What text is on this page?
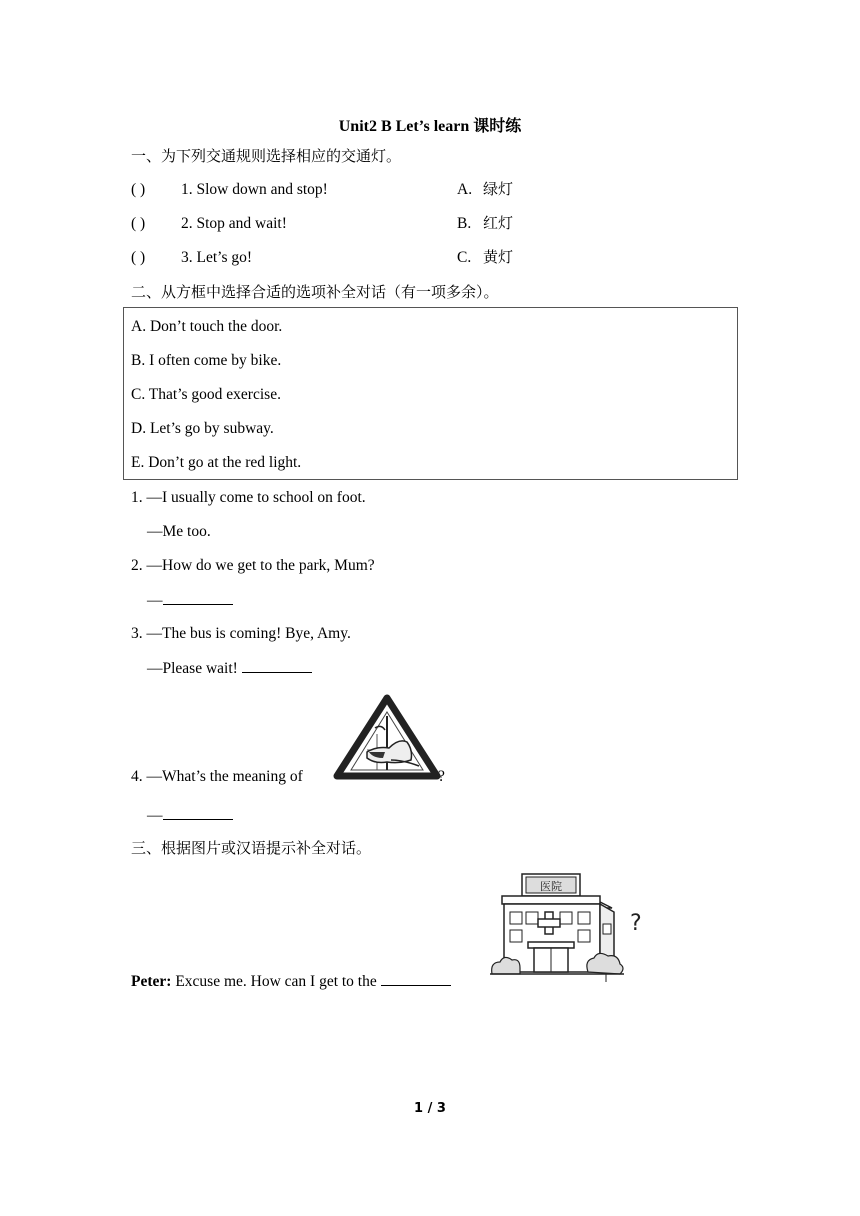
Unit2 B Let’s learn 课时练
一、为下列交通规则选择相应的交通灯。
( ) 1. Slow down and stop!	A. 绿灯
( ) 2. Stop and wait!	B. 红灯
( ) 3. Let’s go!	C. 黄灯
二、从方框中选择合适的选项补全对话（有一项多余）。
A. Don’t touch the door.
B. I often come by bike.
C. That’s good exercise.
D. Let’s go by subway.
E. Don’t go at the red light.
1. —I usually come to school on foot.
—Me too.
2. —How do we get to the park, Mum?
—
3. —The bus is coming! Bye, Amy.
—Please wait!
4. —What’s the meaning of	?
—
三、根据图片或汉语提示补全对话。
医院
?
Peter: Excuse me. How can I get to the
1 / 3
